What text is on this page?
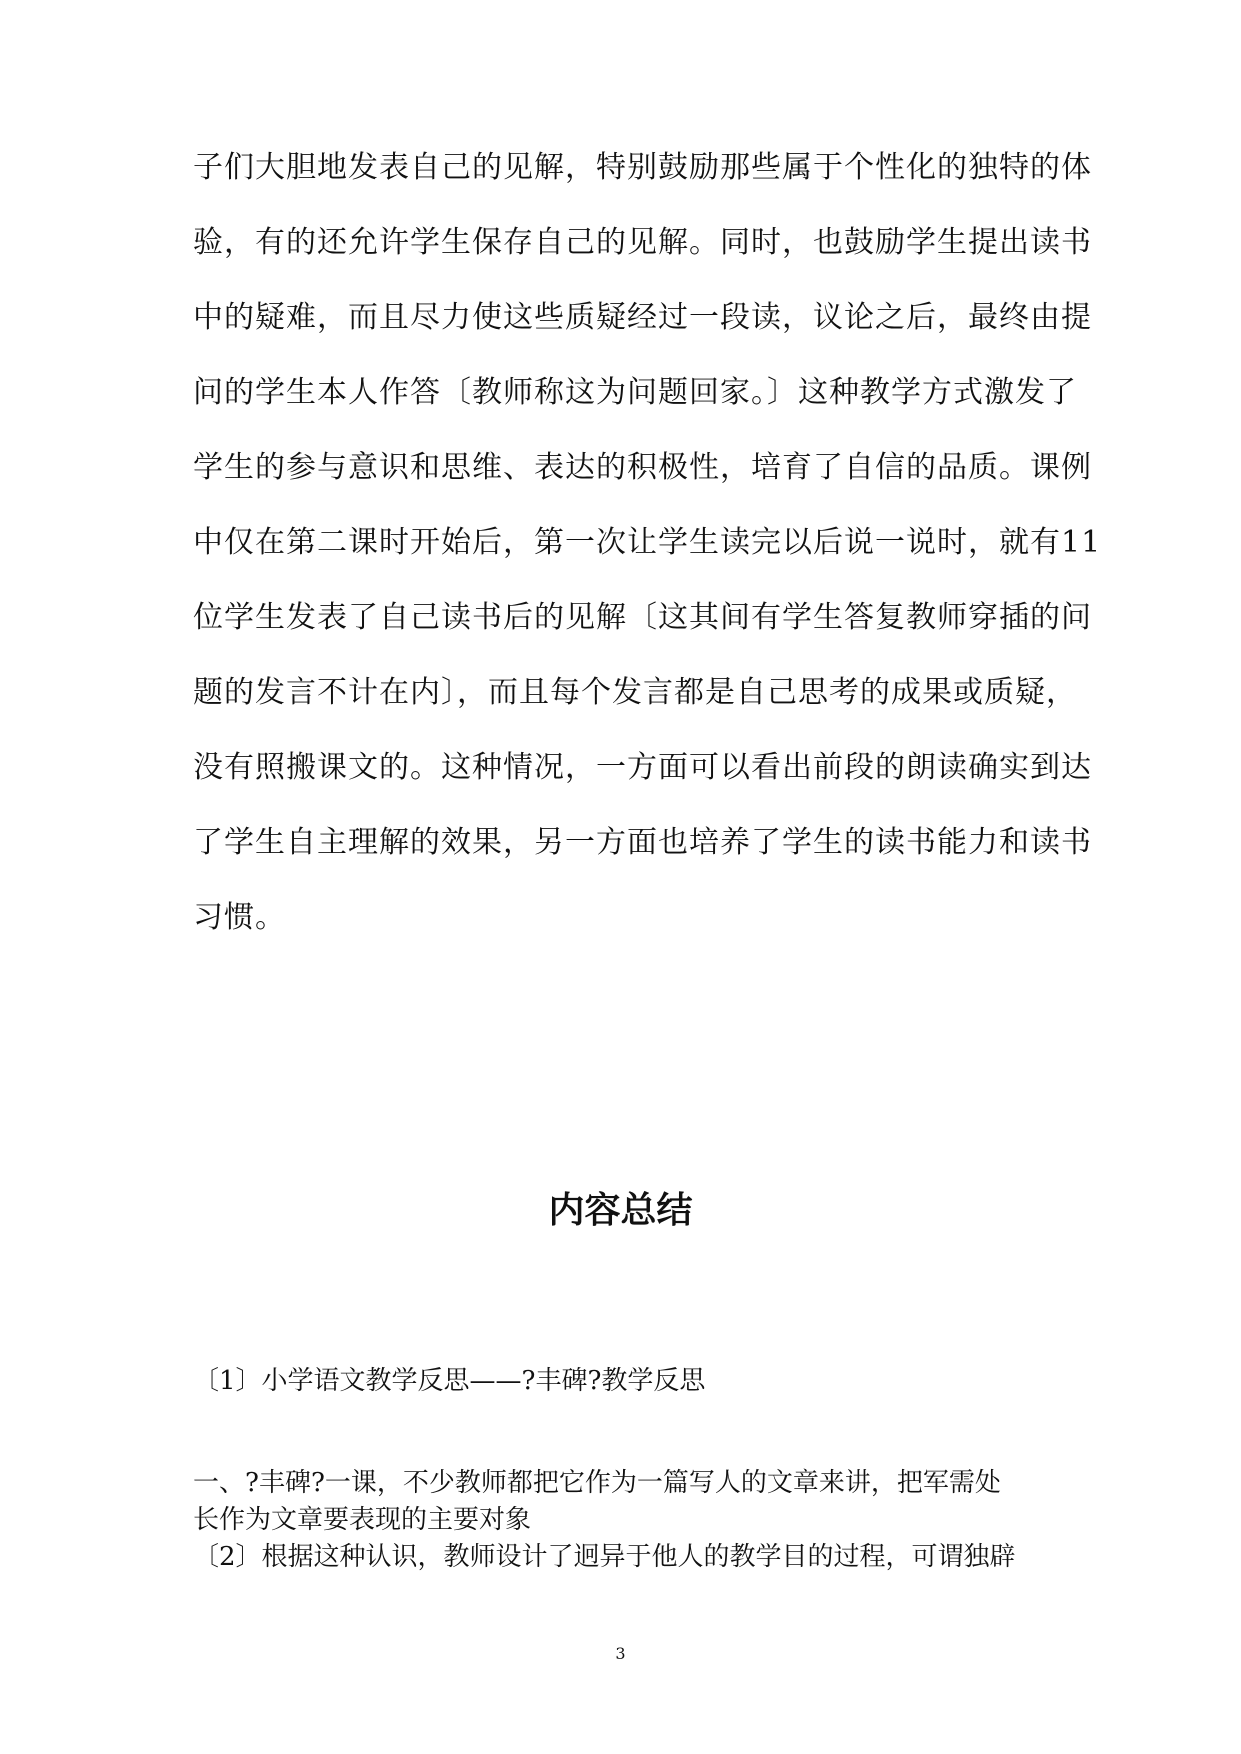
子们大胆地发表自己的见解，特别鼓励那些属于个性化的独特的体
验，有的还允许学生保存自己的见解。同时，也鼓励学生提出读书
中的疑难，而且尽力使这些质疑经过一段读，议论之后，最终由提
问的学生本人作答〔教师称这为问题回家。〕这种教学方式激发了
学生的参与意识和思维、表达的积极性，培育了自信的品质。课例
中仅在第二课时开始后，第一次让学生读完以后说一说时，就有11
位学生发表了自己读书后的见解〔这其间有学生答复教师穿插的问
题的发言不计在内〕，而且每个发言都是自己思考的成果或质疑，
没有照搬课文的。这种情况，一方面可以看出前段的朗读确实到达
了学生自主理解的效果，另一方面也培养了学生的读书能力和读书
习惯。
内容总结
〔1〕小学语文教学反思——?丰碑?教学反思
一、?丰碑?一课，不少教师都把它作为一篇写人的文章来讲，把军需处
长作为文章要表现的主要对象
〔2〕根据这种认识，教师设计了迥异于他人的教学目的过程，可谓独辟
3
